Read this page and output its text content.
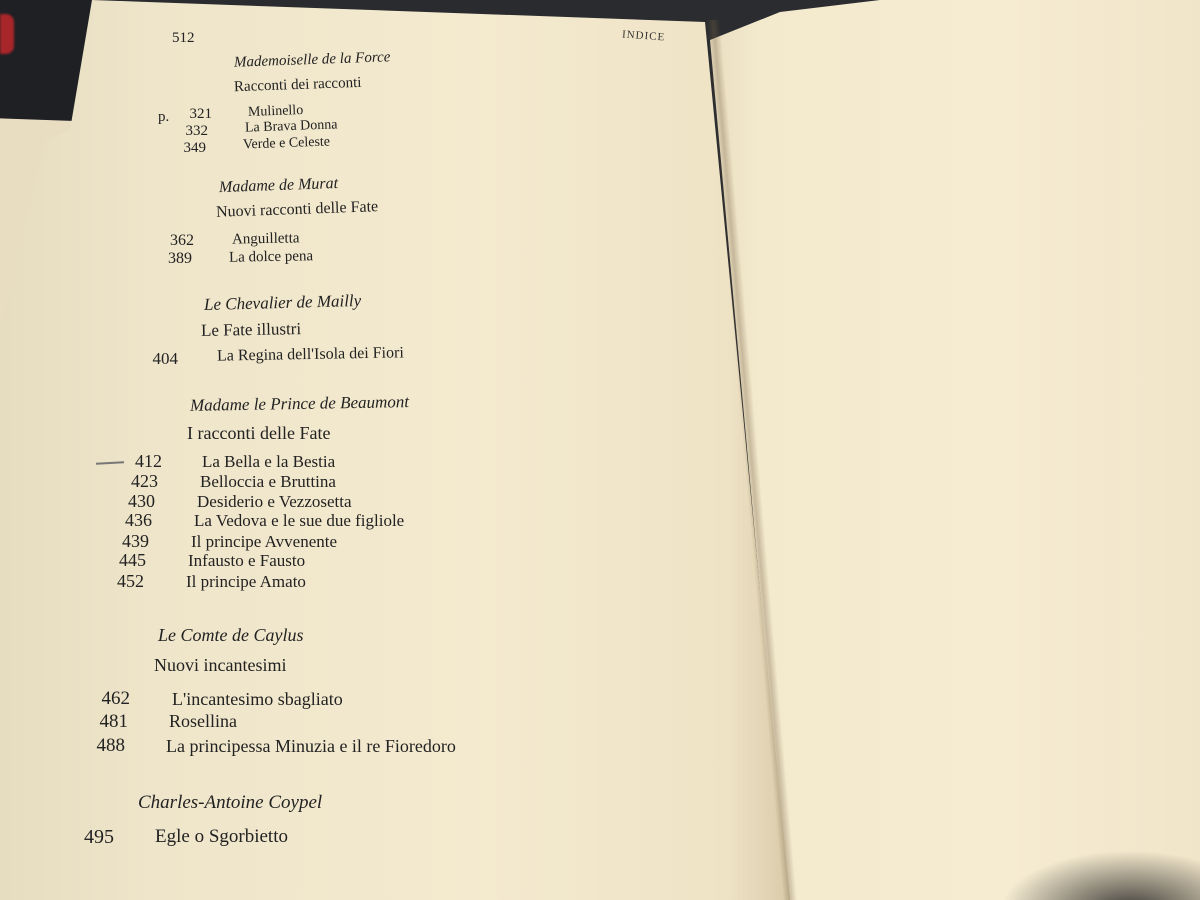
512	INDICE
Mademoiselle de la Force
Racconti dei racconti
p.	321	Mulinello
332	La Brava Donna
349	Verde e Celeste
Madame de Murat
Nuovi racconti delle Fate
362	Anguilletta
389 La dolce pena
Le Chevalier de Mailly
Le Fate illustri
404 La Regina dell'Isola dei Fiori
Madame le Prince de Beaumont
I racconti delle Fate
412 La Bella e la Bestia
423 Belloccia e Bruttina
430 Desiderio e Vezzosetta
436 La Vedova e le sue due figliole
439 Il principe Avvenente
445 Infausto e Fausto
452 Il principe Amato
Le Comte de Caylus
Nuovi incantesimi
462 L'incantesimo sbagliato
481 Rosellina
488 La principessa Minuzia e il re Fioredoro
Charles-Antoine Coypel
495 Egle o Sgorbietto
